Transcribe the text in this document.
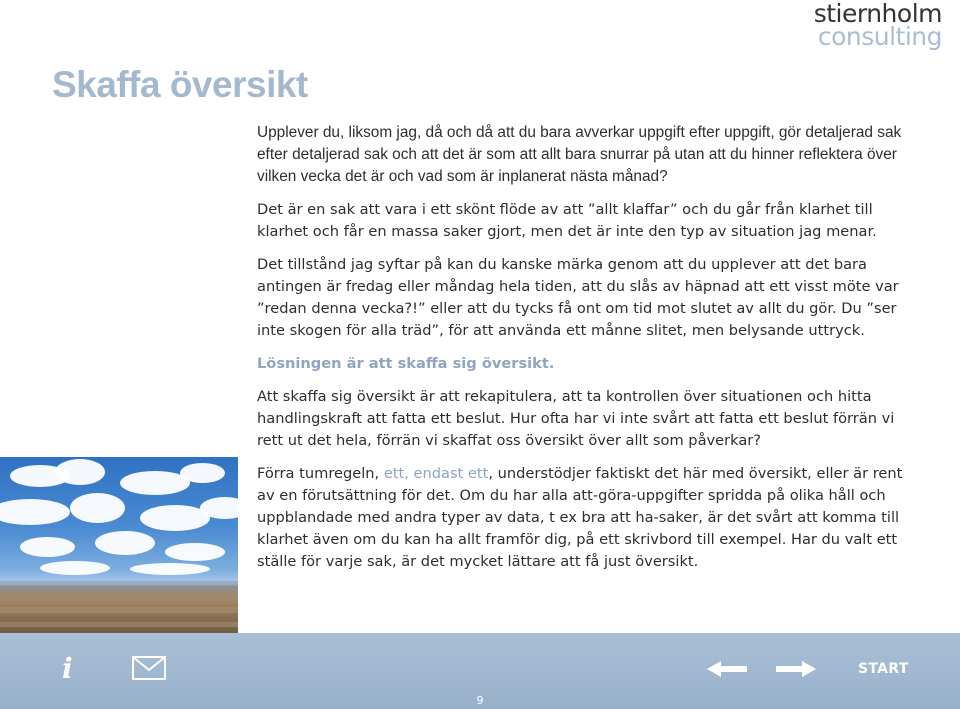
stiernholm
consulting
Skaffa översikt

Upplever du, liksom jag, då och då att du bara avverkar uppgift efter uppgift, gör detaljerad sak efter detaljerad sak och att det är som att allt bara snurrar på utan att du hinner reflektera över vilken vecka det är och vad som är inplanerat nästa månad?

Det är en sak att vara i ett skönt flöde av att ”allt klaffar” och du går från klarhet till klarhet och får en massa saker gjort, men det är inte den typ av situation jag menar.

Det tillstånd jag syftar på kan du kanske märka genom att du upplever att det bara antingen är fredag eller måndag hela tiden, att du slås av häpnad att ett visst möte var ”redan denna vecka?!” eller att du tycks få ont om tid mot slutet av allt du gör. Du ”ser inte skogen för alla träd”, för att använda ett månne slitet, men belysande uttryck.

Lösningen är att skaffa sig översikt.

Att skaffa sig översikt är att rekapitulera, att ta kontrollen över situationen och hitta handlingskraft att fatta ett beslut. Hur ofta har vi inte svårt att fatta ett beslut förrän vi rett ut det hela, förrän vi skaffat oss översikt över allt som påverkar?

Förra tumregeln, ett, endast ett, understödjer faktiskt det här med översikt, eller är rent av en förutsättning för det. Om du har alla att-göra-uppgifter spridda på olika håll och uppblandade med andra typer av data, t ex bra att ha-saker, är det svårt att komma till klarhet även om du kan ha allt framför dig, på ett skrivbord till exempel. Har du valt ett ställe för varje sak, är det mycket lättare att få just översikt.

i	START
9
